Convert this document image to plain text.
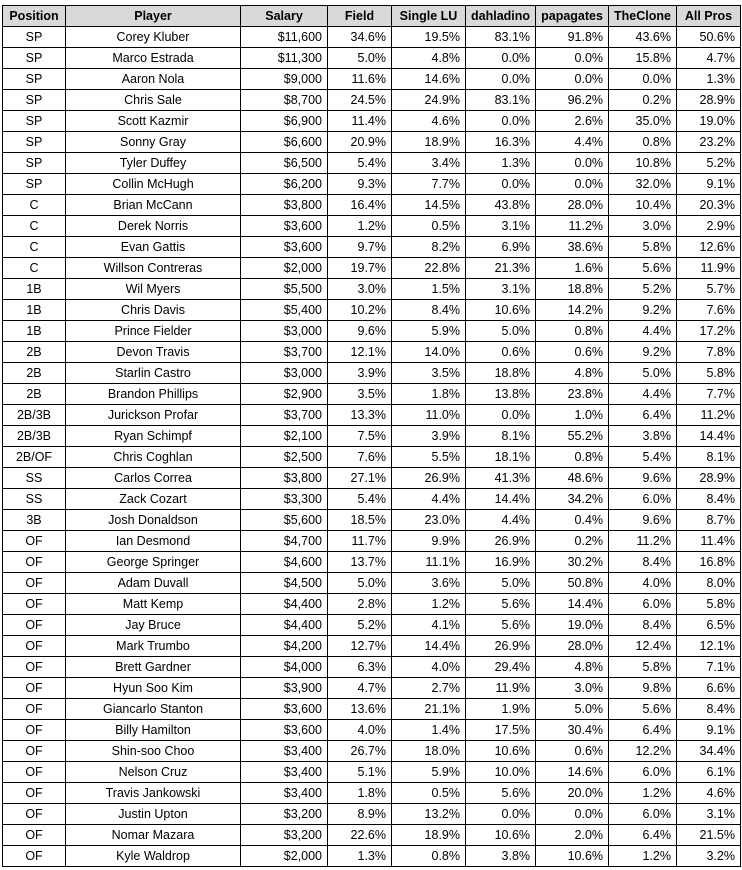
Position	Player	Salary	Field	Single LU	dahladino	papagates	TheClone	All Pros
SP	Corey Kluber	$11,600	34.6%	19.5%	83.1%	91.8%	43.6%	50.6%
SP	Marco Estrada	$11,300	5.0%	4.8%	0.0%	0.0%	15.8%	4.7%
SP	Aaron Nola	$9,000	11.6%	14.6%	0.0%	0.0%	0.0%	1.3%
SP	Chris Sale	$8,700	24.5%	24.9%	83.1%	96.2%	0.2%	28.9%
SP	Scott Kazmir	$6,900	11.4%	4.6%	0.0%	2.6%	35.0%	19.0%
SP	Sonny Gray	$6,600	20.9%	18.9%	16.3%	4.4%	0.8%	23.2%
SP	Tyler Duffey	$6,500	5.4%	3.4%	1.3%	0.0%	10.8%	5.2%
SP	Collin McHugh	$6,200	9.3%	7.7%	0.0%	0.0%	32.0%	9.1%
C	Brian McCann	$3,800	16.4%	14.5%	43.8%	28.0%	10.4%	20.3%
C	Derek Norris	$3,600	1.2%	0.5%	3.1%	11.2%	3.0%	2.9%
C	Evan Gattis	$3,600	9.7%	8.2%	6.9%	38.6%	5.8%	12.6%
C	Willson Contreras	$2,000	19.7%	22.8%	21.3%	1.6%	5.6%	11.9%
1B	Wil Myers	$5,500	3.0%	1.5%	3.1%	18.8%	5.2%	5.7%
1B	Chris Davis	$5,400	10.2%	8.4%	10.6%	14.2%	9.2%	7.6%
1B	Prince Fielder	$3,000	9.6%	5.9%	5.0%	0.8%	4.4%	17.2%
2B	Devon Travis	$3,700	12.1%	14.0%	0.6%	0.6%	9.2%	7.8%
2B	Starlin Castro	$3,000	3.9%	3.5%	18.8%	4.8%	5.0%	5.8%
2B	Brandon Phillips	$2,900	3.5%	1.8%	13.8%	23.8%	4.4%	7.7%
2B/3B	Jurickson Profar	$3,700	13.3%	11.0%	0.0%	1.0%	6.4%	11.2%
2B/3B	Ryan Schimpf	$2,100	7.5%	3.9%	8.1%	55.2%	3.8%	14.4%
2B/OF	Chris Coghlan	$2,500	7.6%	5.5%	18.1%	0.8%	5.4%	8.1%
SS	Carlos Correa	$3,800	27.1%	26.9%	41.3%	48.6%	9.6%	28.9%
SS	Zack Cozart	$3,300	5.4%	4.4%	14.4%	34.2%	6.0%	8.4%
3B	Josh Donaldson	$5,600	18.5%	23.0%	4.4%	0.4%	9.6%	8.7%
OF	Ian Desmond	$4,700	11.7%	9.9%	26.9%	0.2%	11.2%	11.4%
OF	George Springer	$4,600	13.7%	11.1%	16.9%	30.2%	8.4%	16.8%
OF	Adam Duvall	$4,500	5.0%	3.6%	5.0%	50.8%	4.0%	8.0%
OF	Matt Kemp	$4,400	2.8%	1.2%	5.6%	14.4%	6.0%	5.8%
OF	Jay Bruce	$4,400	5.2%	4.1%	5.6%	19.0%	8.4%	6.5%
OF	Mark Trumbo	$4,200	12.7%	14.4%	26.9%	28.0%	12.4%	12.1%
OF	Brett Gardner	$4,000	6.3%	4.0%	29.4%	4.8%	5.8%	7.1%
OF	Hyun Soo Kim	$3,900	4.7%	2.7%	11.9%	3.0%	9.8%	6.6%
OF	Giancarlo Stanton	$3,600	13.6%	21.1%	1.9%	5.0%	5.6%	8.4%
OF	Billy Hamilton	$3,600	4.0%	1.4%	17.5%	30.4%	6.4%	9.1%
OF	Shin-soo Choo	$3,400	26.7%	18.0%	10.6%	0.6%	12.2%	34.4%
OF	Nelson Cruz	$3,400	5.1%	5.9%	10.0%	14.6%	6.0%	6.1%
OF	Travis Jankowski	$3,400	1.8%	0.5%	5.6%	20.0%	1.2%	4.6%
OF	Justin Upton	$3,200	8.9%	13.2%	0.0%	0.0%	6.0%	3.1%
OF	Nomar Mazara	$3,200	22.6%	18.9%	10.6%	2.0%	6.4%	21.5%
OF	Kyle Waldrop	$2,000	1.3%	0.8%	3.8%	10.6%	1.2%	3.2%
